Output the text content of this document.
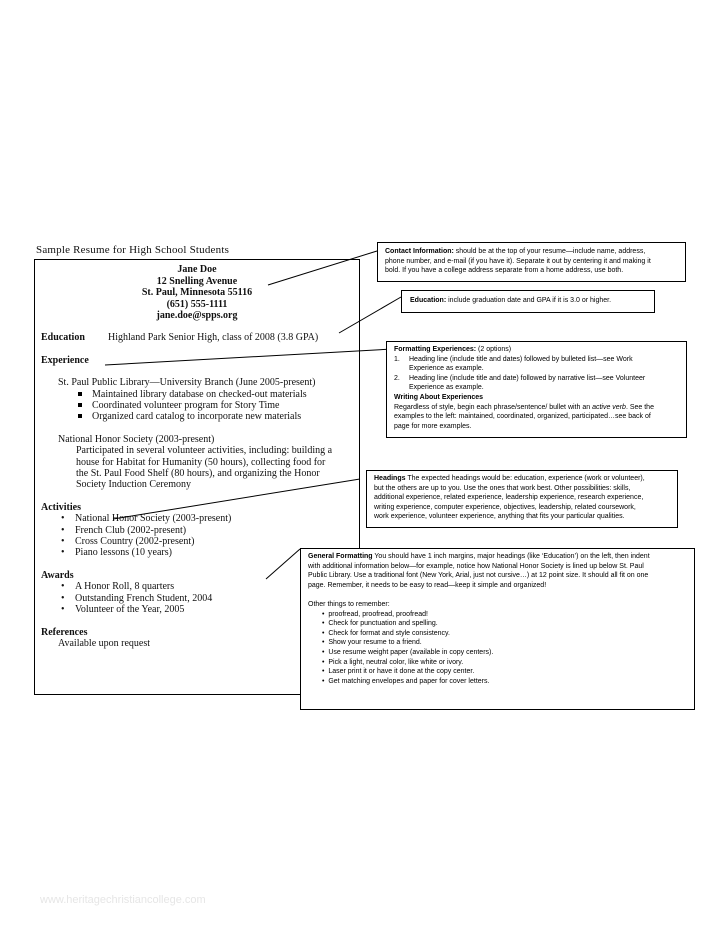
Sample Resume for High School Students
Jane Doe
12 Snelling Avenue
St. Paul, Minnesota 55116
(651) 555-1111
jane.doe@spps.org
Education Highland Park Senior High, class of 2008 (3.8 GPA)
Experience
St. Paul Public Library—University Branch (June 2005-present)
Maintained library database on checked-out materials
Coordinated volunteer program for Story Time
Organized card catalog to incorporate new materials
National Honor Society (2003-present)
Participated in several volunteer activities, including: building a
house for Habitat for Humanity (50 hours), collecting food for
the St. Paul Food Shelf (80 hours), and organizing the Honor
Society Induction Ceremony
Activities
• National Honor Society (2003-present)
• French Club (2002-present)
• Cross Country (2002-present)
• Piano lessons (10 years)
Awards
• A Honor Roll, 8 quarters
• Outstanding French Student, 2004
• Volunteer of the Year, 2005
References
Available upon request
Contact Information: should be at the top of your resume—include name, address,
phone number, and e-mail (if you have it). Separate it out by centering it and making it
bold. If you have a college address separate from a home address, use both.
Education: include graduation date and GPA if it is 3.0 or higher.
Formatting Experiences: (2 options)
1. Heading line (include title and dates) followed by bulleted list—see Work
Experience as example.
2. Heading line (include title and date) followed by narrative list—see Volunteer
Experience as example.
Writing About Experiences
Regardless of style, begin each phrase/sentence/ bullet with an active verb. See the
examples to the left: maintained, coordinated, organized, participated…see back of
page for more examples.
Headings The expected headings would be: education, experience (work or volunteer),
but the others are up to you. Use the ones that work best. Other possibilities: skills,
additional experience, related experience, leadership experience, research experience,
writing experience, computer experience, objectives, leadership, related coursework,
work experience, volunteer experience, anything that fits your particular qualities.
General Formatting You should have 1 inch margins, major headings (like ‘Education’) on the left, then indent
with additional information below—for example, notice how National Honor Society is lined up below St. Paul
Public Library. Use a traditional font (New York, Arial, just not cursive…) at 12 point size. It should all fit on one
page. Remember, it needs to be easy to read—keep it simple and organized!
Other things to remember:
• proofread, proofread, proofread!
• Check for punctuation and spelling.
• Check for format and style consistency.
• Show your resume to a friend.
• Use resume weight paper (available in copy centers).
• Pick a light, neutral color, like white or ivory.
• Laser print it or have it done at the copy center.
• Get matching envelopes and paper for cover letters.
www.heritagechristiancollege.com
